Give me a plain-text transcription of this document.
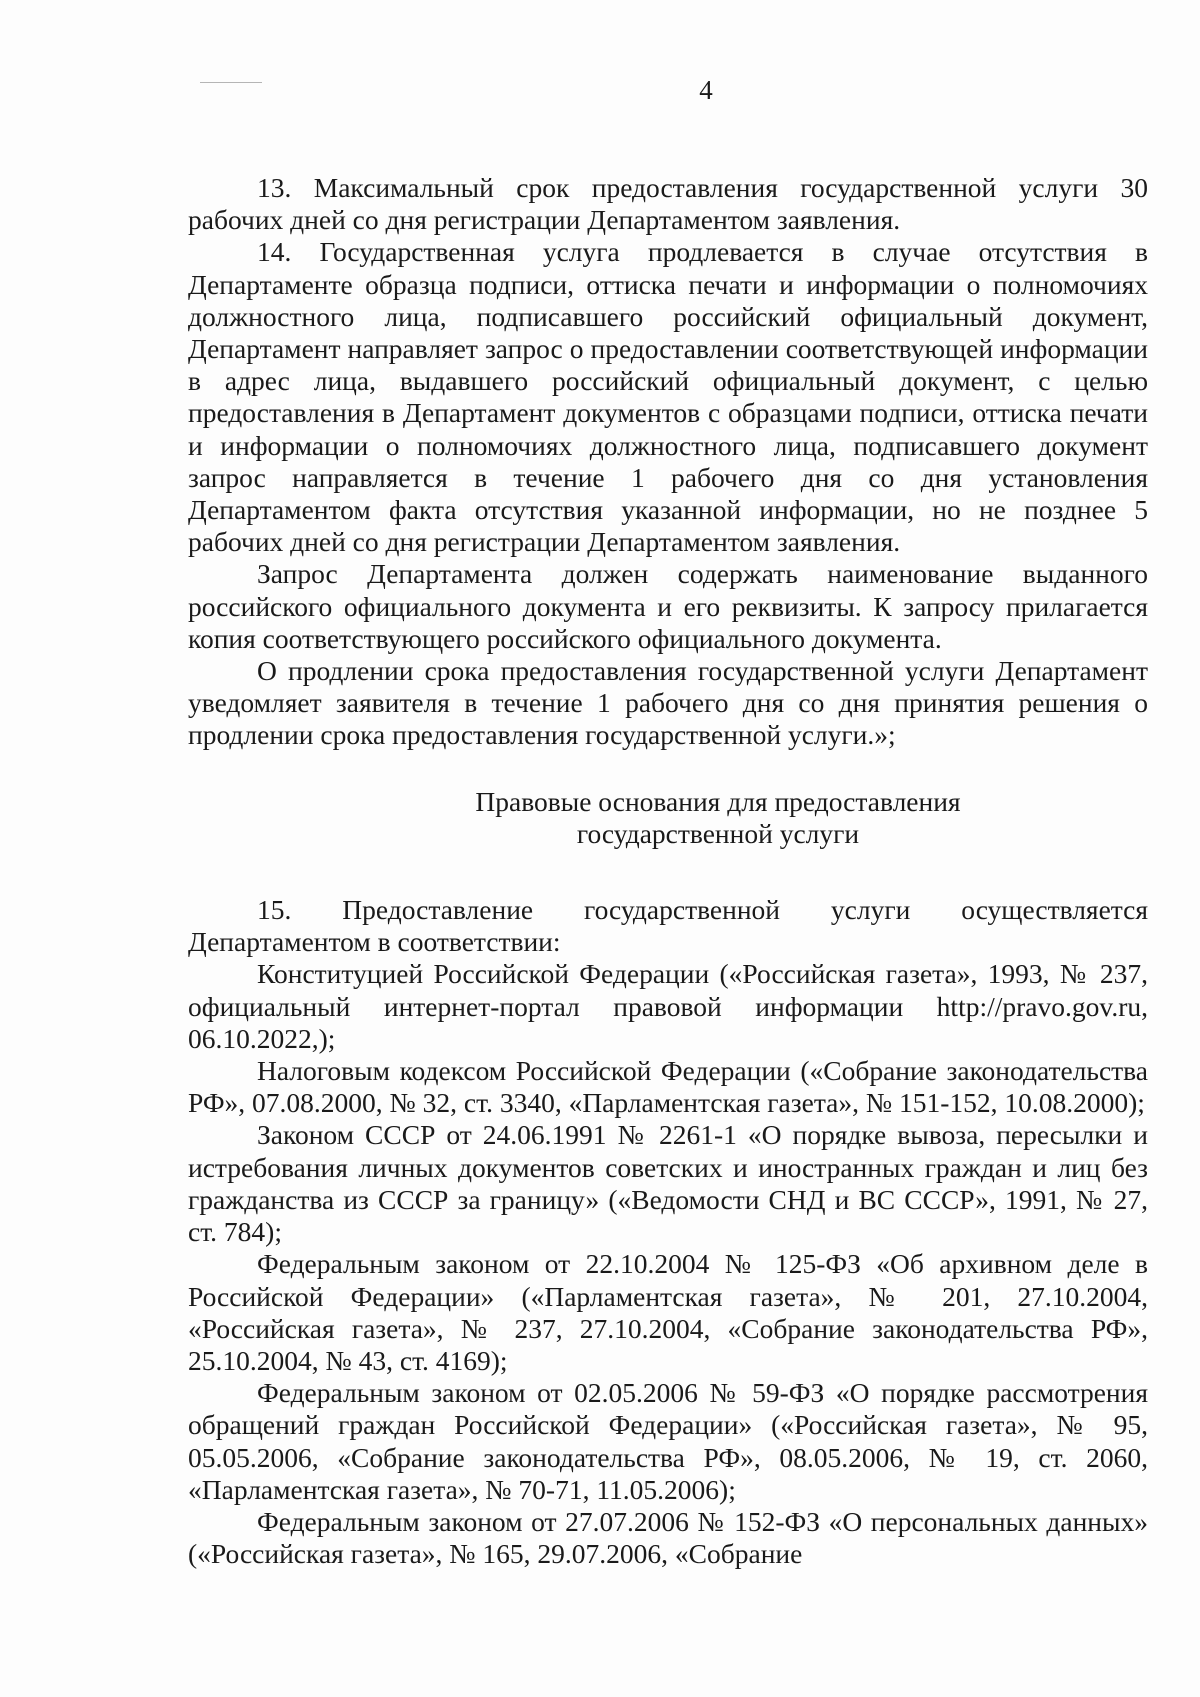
4

13. Максимальный срок предоставления государственной услуги 30 рабочих дней со дня регистрации Департаментом заявления.

14. Государственная услуга продлевается в случае отсутствия в Департаменте образца подписи, оттиска печати и информации о полномочиях должностного лица, подписавшего российский официальный документ, Департамент направляет запрос о предоставлении соответствующей информации в адрес лица, выдавшего российский официальный документ, с целью предоставления в Департамент документов с образцами подписи, оттиска печати и информации о полномочиях должностного лица, подписавшего документ запрос направляется в течение 1 рабочего дня со дня установления Департаментом факта отсутствия указанной информации, но не позднее 5 рабочих дней со дня регистрации Департаментом заявления.

Запрос Департамента должен содержать наименование выданного российского официального документа и его реквизиты. К запросу прилагается копия соответствующего российского официального документа.

О продлении срока предоставления государственной услуги Департамент уведомляет заявителя в течение 1 рабочего дня со дня принятия решения о продлении срока предоставления государственной услуги.»;

Правовые основания для предоставления
государственной услуги

15. Предоставление государственной услуги осуществляется Департаментом в соответствии:

Конституцией Российской Федерации («Российская газета», 1993, № 237, официальный интернет-портал правовой информации http://pravo.gov.ru, 06.10.2022,);

Налоговым кодексом Российской Федерации («Собрание законодательства РФ», 07.08.2000, № 32, ст. 3340, «Парламентская газета», № 151-152, 10.08.2000);

Законом СССР от 24.06.1991 № 2261-1 «О порядке вывоза, пересылки и истребования личных документов советских и иностранных граждан и лиц без гражданства из СССР за границу» («Ведомости СНД и ВС СССР», 1991, № 27, ст. 784);

Федеральным законом от 22.10.2004 № 125-ФЗ «Об архивном деле в Российской Федерации» («Парламентская газета», № 201, 27.10.2004, «Российская газета», № 237, 27.10.2004, «Собрание законодательства РФ», 25.10.2004, № 43, ст. 4169);

Федеральным законом от 02.05.2006 № 59-ФЗ «О порядке рассмотрения обращений граждан Российской Федерации» («Российская газета», № 95, 05.05.2006, «Собрание законодательства РФ», 08.05.2006, № 19, ст. 2060, «Парламентская газета», № 70-71, 11.05.2006);

Федеральным законом от 27.07.2006 № 152-ФЗ «О персональных данных» («Российская газета», № 165, 29.07.2006, «Собрание
